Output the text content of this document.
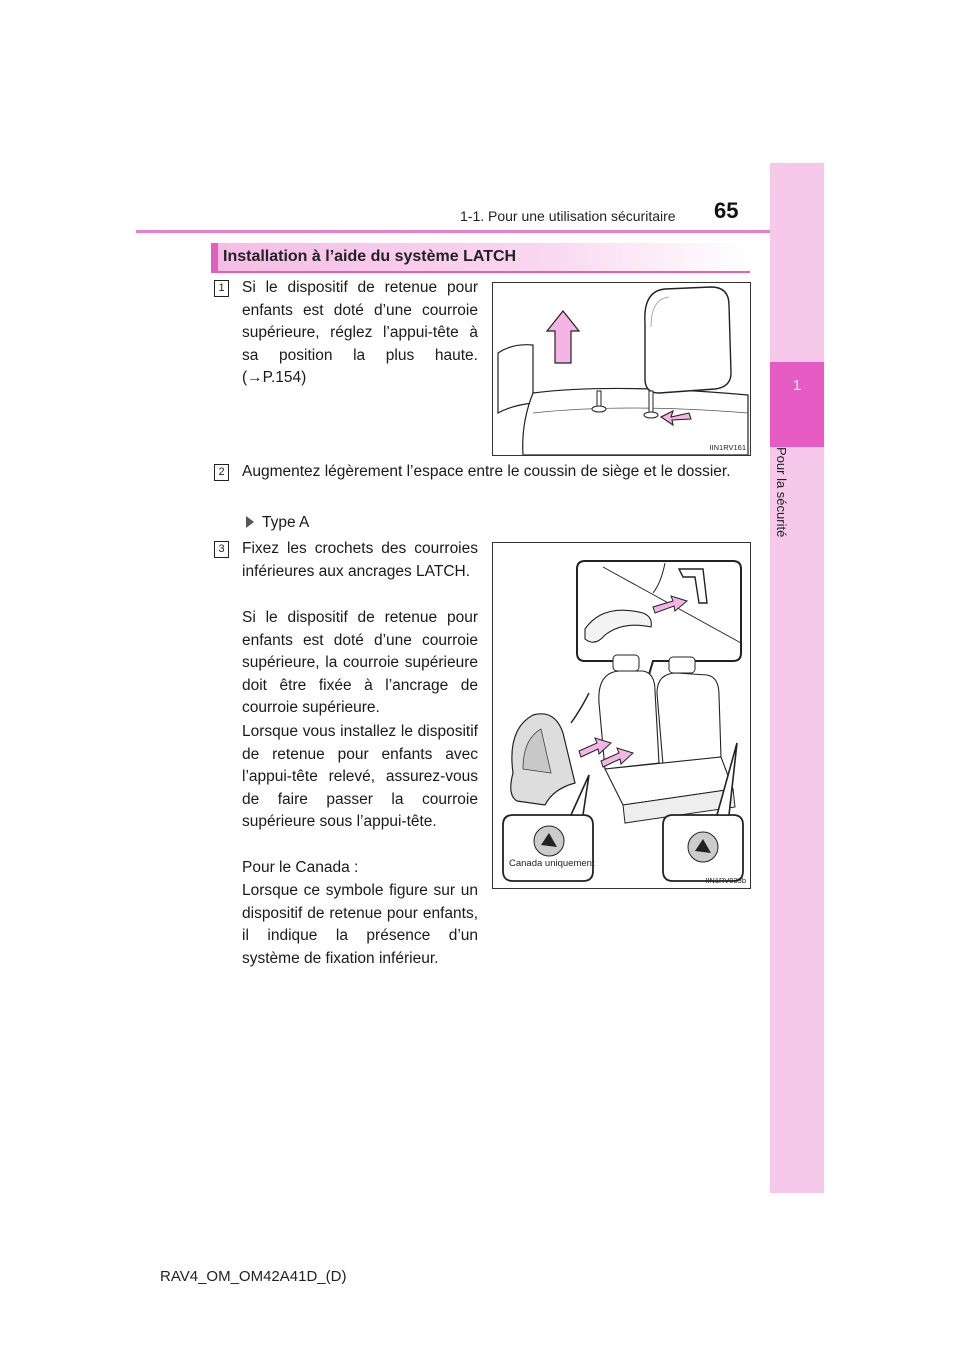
1-1. Pour une utilisation sécuritaire 65
1
Pour la sécurité
Installation à l’aide du système LATCH
1 Si le dispositif de retenue pour enfants est doté d’une courroie supérieure, réglez l’appui-tête à sa position la plus haute. (→P.154)
IIN1RV161
2 Augmentez légèrement l’espace entre le coussin de siège et le dossier.
Type A
3 Fixez les crochets des courroies inférieures aux ancrages LATCH.
Si le dispositif de retenue pour enfants est doté d’une courroie supérieure, la courroie supérieure doit être fixée à l’ancrage de courroie supérieure.
Lorsque vous installez le dispositif de retenue pour enfants avec l’appui-tête relevé, assurez-vous de faire passer la courroie supérieure sous l’appui-tête.
Pour le Canada :
Lorsque ce symbole figure sur un dispositif de retenue pour enfants, il indique la présence d’un système de fixation inférieur.
Canada uniquement
IIN1RV033b
RAV4_OM_OM42A41D_(D)
